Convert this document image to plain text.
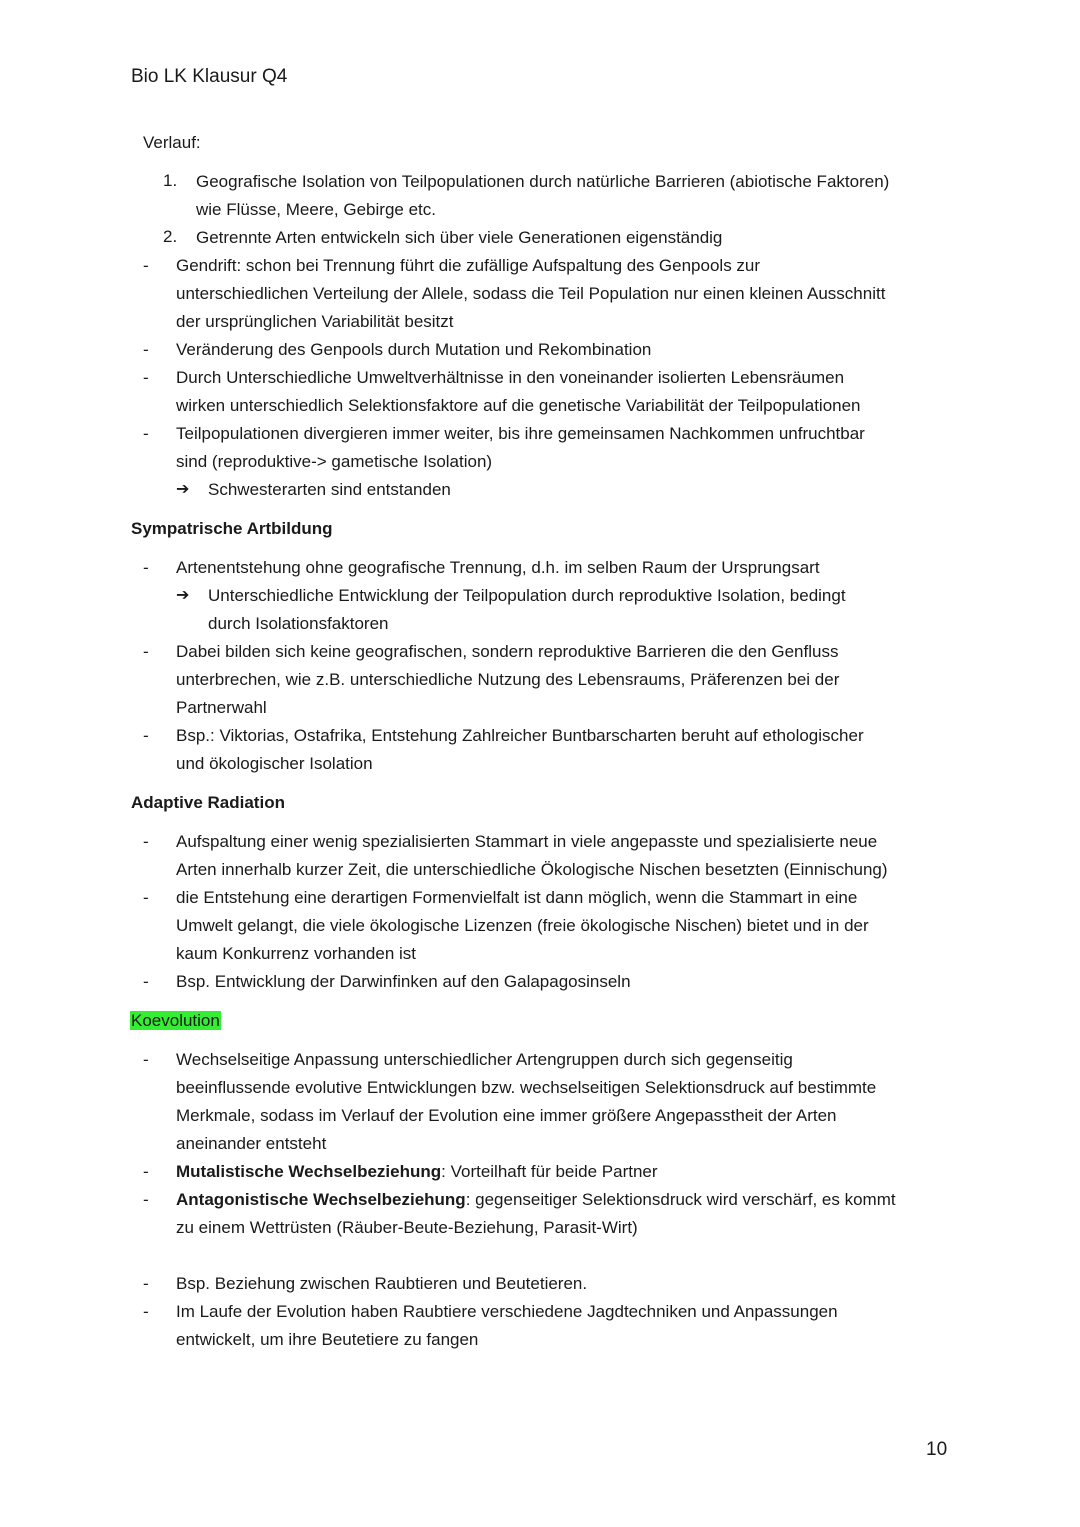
Bio LK Klausur Q4
Verlauf:
1. Geografische Isolation von Teilpopulationen durch natürliche Barrieren (abiotische Faktoren)
wie Flüsse, Meere, Gebirge etc.
2. Getrennte Arten entwickeln sich über viele Generationen eigenständig
-	Gendrift: schon bei Trennung führt die zufällige Aufspaltung des Genpools zur
unterschiedlichen Verteilung der Allele, sodass die Teil Population nur einen kleinen Ausschnitt
der ursprünglichen Variabilität besitzt
-	Veränderung des Genpools durch Mutation und Rekombination
-	Durch Unterschiedliche Umweltverhältnisse in den voneinander isolierten Lebensräumen
wirken unterschiedlich Selektionsfaktore auf die genetische Variabilität der Teilpopulationen
-	Teilpopulationen divergieren immer weiter, bis ihre gemeinsamen Nachkommen unfruchtbar
sind (reproduktive-> gametische Isolation)
➔ Schwesterarten sind entstanden
Sympatrische Artbildung
-	Artenentstehung ohne geografische Trennung, d.h. im selben Raum der Ursprungsart
➔ Unterschiedliche Entwicklung der Teilpopulation durch reproduktive Isolation, bedingt
durch Isolationsfaktoren
-	Dabei bilden sich keine geografischen, sondern reproduktive Barrieren die den Genfluss
unterbrechen, wie z.B. unterschiedliche Nutzung des Lebensraums, Präferenzen bei der
Partnerwahl
-	Bsp.: Viktorias, Ostafrika, Entstehung Zahlreicher Buntbarscharten beruht auf ethologischer
und ökologischer Isolation
Adaptive Radiation
-	Aufspaltung einer wenig spezialisierten Stammart in viele angepasste und spezialisierte neue
Arten innerhalb kurzer Zeit, die unterschiedliche Ökologische Nischen besetzten (Einnischung)
-	die Entstehung eine derartigen Formenvielfalt ist dann möglich, wenn die Stammart in eine
Umwelt gelangt, die viele ökologische Lizenzen (freie ökologische Nischen) bietet und in der
kaum Konkurrenz vorhanden ist
-	Bsp. Entwicklung der Darwinfinken auf den Galapagosinseln
Koevolution
-	Wechselseitige Anpassung unterschiedlicher Artengruppen durch sich gegenseitig
beeinflussende evolutive Entwicklungen bzw. wechselseitigen Selektionsdruck auf bestimmte
Merkmale, sodass im Verlauf der Evolution eine immer größere Angepasstheit der Arten
aneinander entsteht
-	Mutalistische Wechselbeziehung: Vorteilhaft für beide Partner
-	Antagonistische Wechselbeziehung: gegenseitiger Selektionsdruck wird verschärf, es kommt
zu einem Wettrüsten (Räuber-Beute-Beziehung, Parasit-Wirt)
-	Bsp. Beziehung zwischen Raubtieren und Beutetieren.
-	Im Laufe der Evolution haben Raubtiere verschiedene Jagdtechniken und Anpassungen
entwickelt, um ihre Beutetiere zu fangen
10
